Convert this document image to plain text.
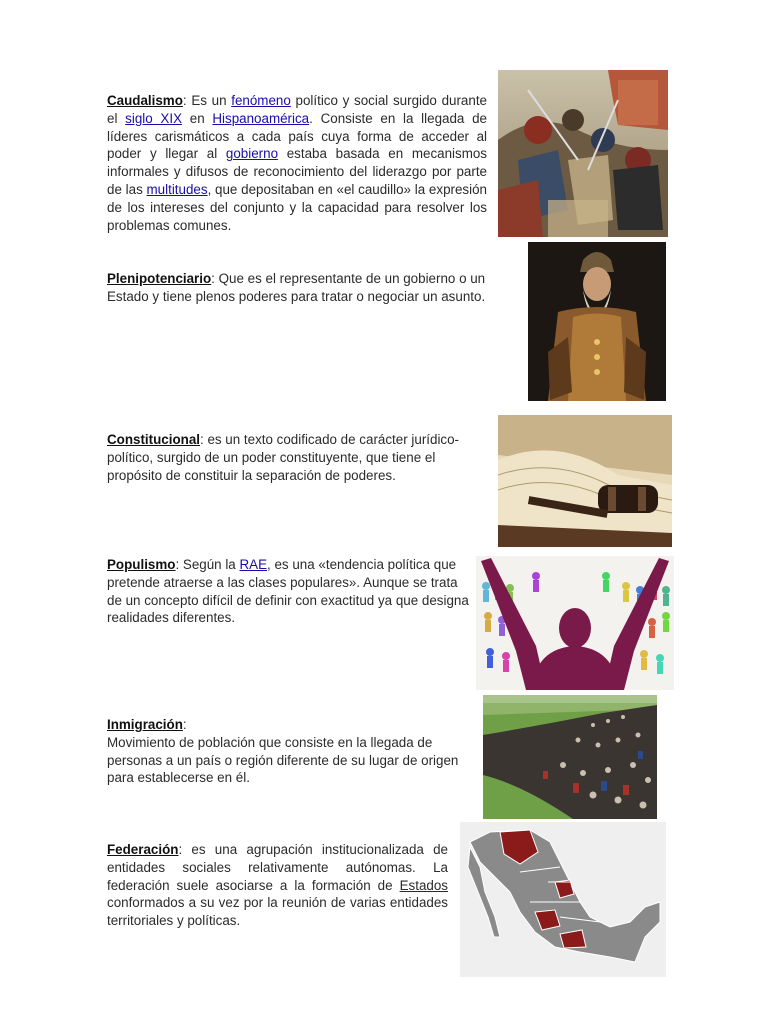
Caudalismo: Es un fenómeno político y social surgido durante el siglo XIX en Hispanoamérica. Consiste en la llegada de líderes carismáticos a cada país cuya forma de acceder al poder y llegar al gobierno estaba basada en mecanismos informales y difusos de reconocimiento del liderazgo por parte de las multitudes, que depositaban en «el caudillo» la expresión de los intereses del conjunto y la capacidad para resolver los problemas comunes.
Plenipotenciario: Que es el representante de un gobierno o un Estado y tiene plenos poderes para tratar o negociar un asunto.
Constitucional: es un texto codificado de carácter jurídico-político, surgido de un poder constituyente, que tiene el propósito de constituir la separación de poderes.
Populismo: Según la RAE, es una «tendencia política que pretende atraerse a las clases populares». Aunque se trata de un concepto difícil de definir con exactitud ya que designa realidades diferentes.
Inmigración:
Movimiento de población que consiste en la llegada de personas a un país o región diferente de su lugar de origen para establecerse en él.
Federación: es una agrupación institucionalizada de entidades sociales relativamente autónomas. La federación suele asociarse a la formación de Estados conformados a su vez por la reunión de varias entidades territoriales y políticas.
